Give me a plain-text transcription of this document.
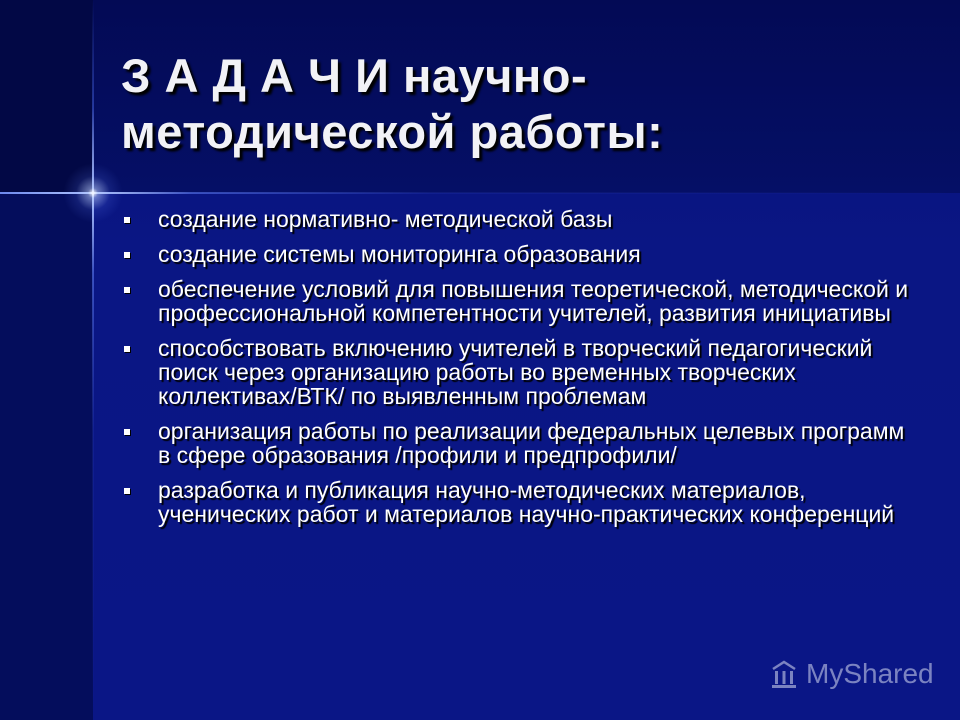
З А Д А Ч И научно-
методической работы:
создание нормативно- методической базы
создание системы мониторинга образования
обеспечение условий для повышения теоретической, методической и профессиональной компетентности учителей, развития инициативы
способствовать включению учителей в творческий педагогический поиск через организацию работы во временных творческих коллективах/ВТК/ по выявленным проблемам
организация работы по реализации федеральных целевых программ в сфере образования /профили и предпрофили/
разработка и публикация научно-методических материалов, ученических работ и материалов научно-практических конференций
MyShared
